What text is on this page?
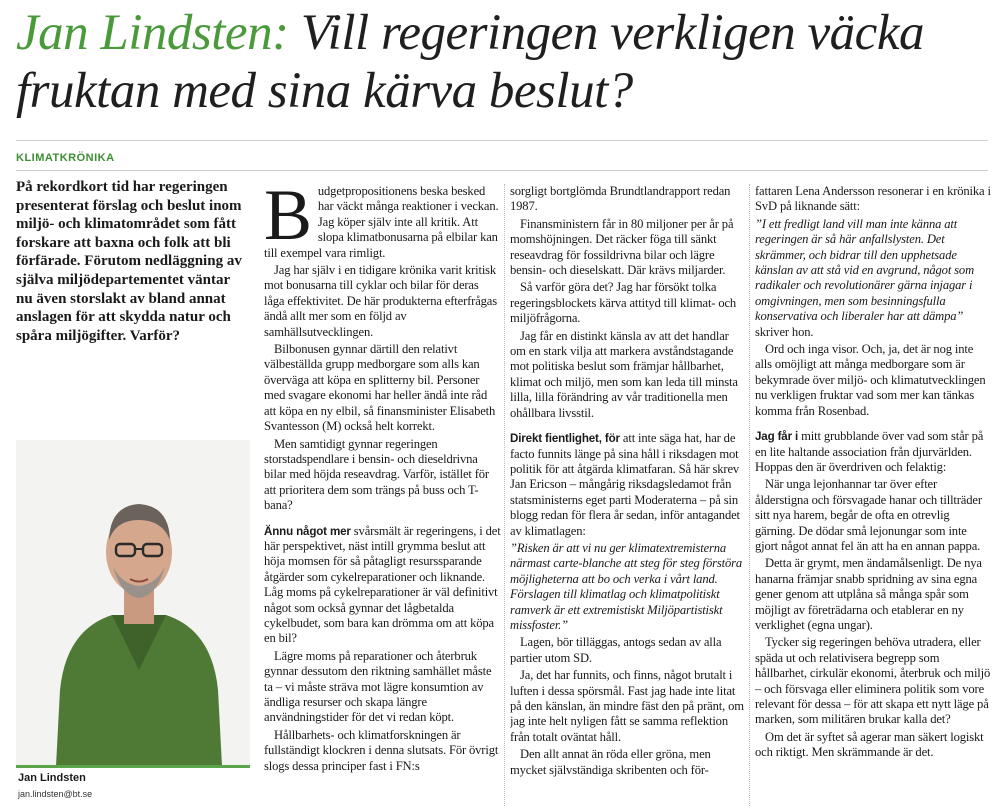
Jan Lindsten: Vill regeringen verkligen väcka fruktan med sina kärva beslut?
KLIMATKRÖNIKA

På rekordkort tid har regeringen presenterat förslag och beslut inom miljö- och klimatområdet som fått forskare att baxna och folk att bli förfärade. Förutom nedläggning av själva miljödepartementet väntar nu även storslakt av bland annat anslagen för att skydda natur och spåra miljögifter. Varför?

Jan Lindsten
jan.lindsten@bt.se

Budgetpropositionens beska besked har väckt många reaktioner i veckan. Jag köper själv inte all kritik. Att slopa klimatbonusarna på elbilar kan till exempel vara rimligt.

Jag har själv i en tidigare krönika varit kritisk mot bonusarna till cyklar och bilar för deras låga effektivitet. De här produkterna efterfrågas ändå allt mer som en följd av samhällsutvecklingen.

Bilbonusen gynnar därtill den relativt välbeställda grupp medborgare som alls kan överväga att köpa en splitterny bil. Personer med svagare ekonomi har heller ändå inte råd att köpa en ny elbil, så finansminister Elisabeth Svantesson (M) också helt korrekt.

Men samtidigt gynnar regeringen storstadspendlare i bensin- och dieseldrivna bilar med höjda reseavdrag. Varför, istället för att prioritera dem som trängs på buss och T-bana?

Ännu något mer svårsmält är regeringens, i det här perspektivet, näst intill grymma beslut att höja momsen för så påtagligt resurssparande åtgärder som cykelreparationer och liknande. Låg moms på cykelreparationer är väl definitivt något som också gynnar det lågbetalda cykelbudet, som bara kan drömma om att köpa en bil?

Lägre moms på reparationer och återbruk gynnar dessutom den riktning samhället måste ta – vi måste sträva mot lägre konsumtion av ändliga resurser och skapa längre användningstider för det vi redan köpt.

Hållbarhets- och klimatforskningen är fullständigt klockren i denna slutsats. För övrigt slogs dessa principer fast i FN:s

sorgligt bortglömda Brundtlandrapport redan 1987.

Finansministern får in 80 miljoner per år på momshöjningen. Det räcker föga till sänkt reseavdrag för fossildrivna bilar och lägre bensin- och dieselskatt. Där krävs miljarder.

Så varför göra det? Jag har försökt tolka regeringsblockets kärva attityd till klimat- och miljöfrågorna.

Jag får en distinkt känsla av att det handlar om en stark vilja att markera avståndstagande mot politiska beslut som främjar hållbarhet, klimat och miljö, men som kan leda till minsta lilla, lilla förändring av vår traditionella men ohållbara livsstil.

Direkt fientlighet, för att inte säga hat, har de facto funnits länge på sina håll i riksdagen mot politik för att åtgärda klimatfaran. Så här skrev Jan Ericson – mångårig riksdagsledamot från statsministerns eget parti Moderaterna – på sin blogg redan för flera år sedan, inför antagandet av klimatlagen:

”Risken är att vi nu ger klimatextremisterna närmast carte-blanche att steg för steg förstöra möjligheterna att bo och verka i vårt land. Förslagen till klimatlag och klimatpolitiskt ramverk är ett extremistiskt Miljöpartistiskt missfoster.”

Lagen, bör tilläggas, antogs sedan av alla partier utom SD.

Ja, det har funnits, och finns, något brutalt i luften i dessa spörsmål. Fast jag hade inte litat på den känslan, än mindre fäst den på pränt, om jag inte helt nyligen fått se samma reflektion från totalt oväntat håll.

Den allt annat än röda eller gröna, men mycket självständiga skribenten och för-

fattaren Lena Andersson resonerar i en krönika i SvD på liknande sätt:

”I ett fredligt land vill man inte känna att regeringen är så här anfallslysten. Det skrämmer, och bidrar till den upphetsade känslan av att stå vid en avgrund, något som radikaler och revolutionärer gärna injagar i omgivningen, men som besinningsfulla konservativa och liberaler har att dämpa” skriver hon.

Ord och inga visor. Och, ja, det är nog inte alls omöjligt att många medborgare som är bekymrade över miljö- och klimatutvecklingen nu verkligen fruktar vad som mer kan tänkas komma från Rosenbad.

Jag får i mitt grubblande över vad som står på en lite haltande association från djurvärlden. Hoppas den är överdriven och felaktig:

När unga lejonhannar tar över efter ålderstigna och försvagade hanar och tillträder sitt nya harem, begår de ofta en otrevlig gärning. De dödar små lejonungar som inte gjort något annat fel än att ha en annan pappa.

Detta är grymt, men ändamålsenligt. De nya hanarna främjar snabb spridning av sina egna gener genom att utplåna så många spår som möjligt av företrädarna och etablerar en ny verklighet (egna ungar).

Tycker sig regeringen behöva utradera, eller späda ut och relativisera begrepp som hållbarhet, cirkulär ekonomi, återbruk och miljö – och försvaga eller eliminera politik som vore relevant för dessa – för att skapa ett nytt läge på marken, som militären brukar kalla det?

Om det är syftet så agerar man säkert logiskt och riktigt. Men skrämmande är det.
